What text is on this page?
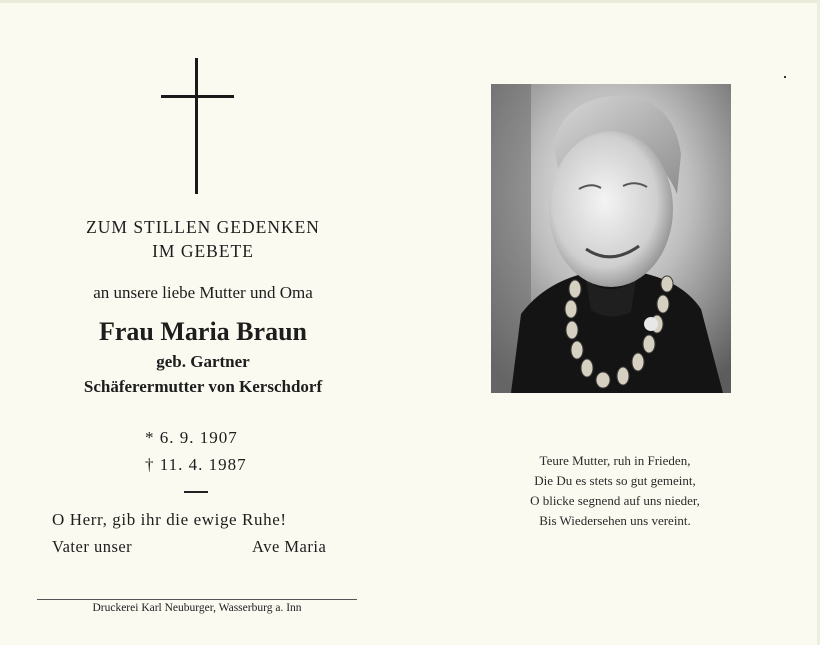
ZUM STILLEN GEDENKEN
IM GEBETE
an unsere liebe Mutter und Oma
Frau Maria Braun
geb. Gartner
Schäferermutter von Kerschdorf
* 6. 9. 1907
† 11. 4. 1987
O Herr, gib ihr die ewige Ruhe!
Vater unser	Ave Maria
Druckerei Karl Neuburger, Wasserburg a. Inn
Teure Mutter, ruh in Frieden,
Die Du es stets so gut gemeint,
O blicke segnend auf uns nieder,
Bis Wiedersehen uns vereint.
